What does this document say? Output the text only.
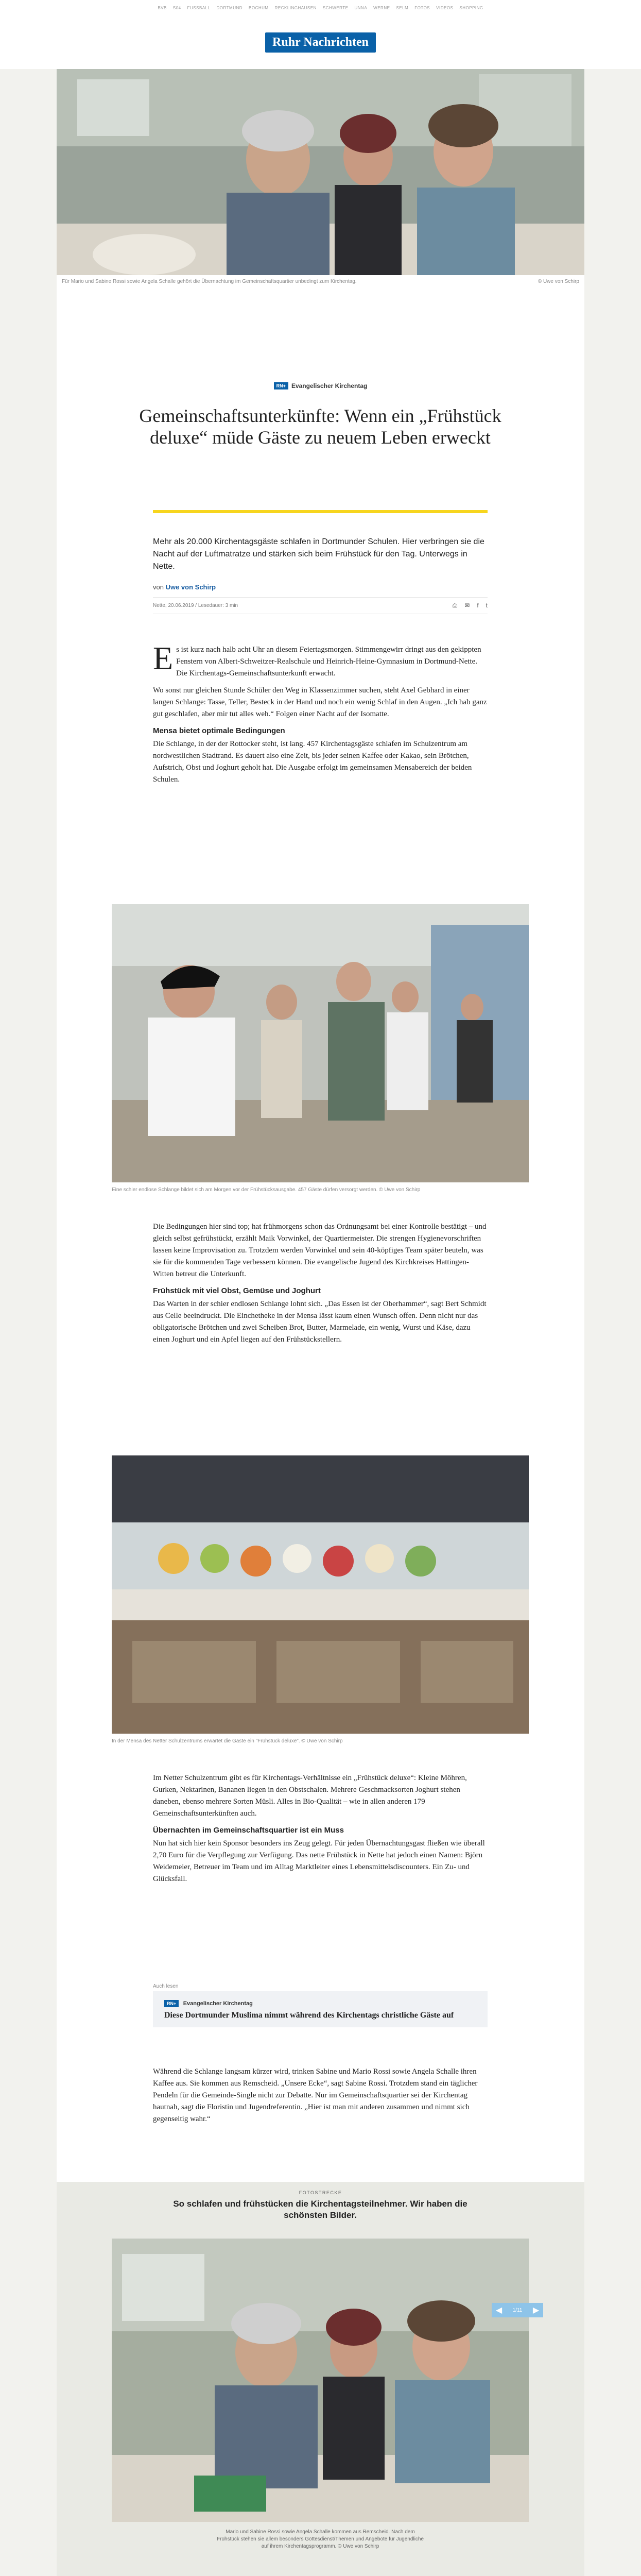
BVB S04 FUSSBALL DORTMUND BOCHUM RECKLINGHAUSEN SCHWERTE UNNA WERNE SELM FOTOS VIDEOS SHOPPING
Ruhr Nachrichten
Für Mario und Sabine Rossi sowie Angela Schalle gehört die Übernachtung im Gemeinschaftsquartier unbedingt zum Kirchentag.	© Uwe von Schirp
RN+ Evangelischer Kirchentag
Gemeinschaftsunterkünfte: Wenn ein „Frühstück deluxe“ müde Gäste zu neuem Leben erweckt

Mehr als 20.000 Kirchentagsgäste schlafen in Dortmunder Schulen. Hier verbringen sie die Nacht auf der Luftmatratze und stärken sich beim Frühstück für den Tag. Unterwegs in Nette.

von Uwe von Schirp
Nette, 20.06.2019 / Lesedauer: 3 min	⎙ ✉ f t

E s ist kurz nach halb acht Uhr an diesem Feiertagsmorgen. Stimmengewirr dringt aus den gekippten Fenstern von Albert-Schweitzer-Realschule und Heinrich-Heine-Gymnasium in Dortmund-Nette. Die Kirchentags-Gemeinschaftsunterkunft erwacht.

Wo sonst nur gleichen Stunde Schüler den Weg in Klassenzimmer suchen, steht Axel Gebhard in einer langen Schlange: Tasse, Teller, Besteck in der Hand und noch ein wenig Schlaf in den Augen. „Ich hab ganz gut geschlafen, aber mir tut alles weh.“ Folgen einer Nacht auf der Isomatte.

Mensa bietet optimale Bedingungen

Die Schlange, in der der Rottocker steht, ist lang. 457 Kirchentagsgäste schlafen im Schulzentrum am nordwestlichen Stadtrand. Es dauert also eine Zeit, bis jeder seinen Kaffee oder Kakao, sein Brötchen, Aufstrich, Obst und Joghurt geholt hat. Die Ausgabe erfolgt im gemeinsamen Mensabereich der beiden Schulen.

Eine schier endlose Schlange bildet sich am Morgen vor der Frühstücksausgabe. 457 Gäste dürfen versorgt werden. © Uwe von Schirp

Die Bedingungen hier sind top; hat frühmorgens schon das Ordnungsamt bei einer Kontrolle bestätigt – und gleich selbst gefrühstückt, erzählt Maik Vorwinkel, der Quartiermeister. Die strengen Hygienevorschriften lassen keine Improvisation zu. Trotzdem werden Vorwinkel und sein 40-köpfiges Team später beuteln, was sie für die kommenden Tage verbessern können. Die evangelische Jugend des Kirchkreises Hattingen-Witten betreut die Unterkunft.

Frühstück mit viel Obst, Gemüse und Joghurt

Das Warten in der schier endlosen Schlange lohnt sich. „Das Essen ist der Oberhammer“, sagt Bert Schmidt aus Celle beeindruckt. Die Einchetheke in der Mensa lässt kaum einen Wunsch offen. Denn nicht nur das obligatorische Brötchen und zwei Scheiben Brot, Butter, Marmelade, ein wenig, Wurst und Käse, dazu einen Joghurt und ein Apfel liegen auf den Frühstückstellern.

In der Mensa des Netter Schulzentrums erwartet die Gäste ein "Frühstück deluxe". © Uwe von Schirp

Im Netter Schulzentrum gibt es für Kirchentags-Verhältnisse ein „Frühstück deluxe“: Kleine Möhren, Gurken, Nektarinen, Bananen liegen in den Obstschalen. Mehrere Geschmacksorten Joghurt stehen daneben, ebenso mehrere Sorten Müsli. Alles in Bio-Qualität – wie in allen anderen 179 Gemeinschaftsunterkünften auch.

Übernachten im Gemeinschaftsquartier ist ein Muss

Nun hat sich hier kein Sponsor besonders ins Zeug gelegt. Für jeden Übernachtungsgast fließen wie überall 2,70 Euro für die Verpflegung zur Verfügung. Das nette Frühstück in Nette hat jedoch einen Namen: Björn Weidemeier, Betreuer im Team und im Alltag Marktleiter eines Lebensmittelsdiscounters. Ein Zu- und Glücksfall.

Auch lesen
RN+ Evangelischer Kirchentag
Diese Dortmunder Muslima nimmt während des Kirchentags christliche Gäste auf

Während die Schlange langsam kürzer wird, trinken Sabine und Mario Rossi sowie Angela Schalle ihren Kaffee aus. Sie kommen aus Remscheid. „Unsere Ecke“, sagt Sabine Rossi. Trotzdem stand ein täglicher Pendeln für die Gemeinde-Single nicht zur Debatte. Nur im Gemeinschaftsquartier sei der Kirchentag hautnah, sagt die Floristin und Jugendreferentin. „Hier ist man mit anderen zusammen und nimmt sich gegenseitig wahr.“

FOTOSTRECKE
So schlafen und frühstücken die Kirchentagsteilnehmer. Wir haben die schönsten Bilder.
Mario und Sabine Rossi sowie Angela Schalle kommen aus Remscheid. Nach dem Frühstück stehen sie allem besonders Gottesdienst/Themen und Angebote für Jugendliche auf ihrem Kirchentagsprogramm. © Uwe von Schirp
◀	1/11	▶
